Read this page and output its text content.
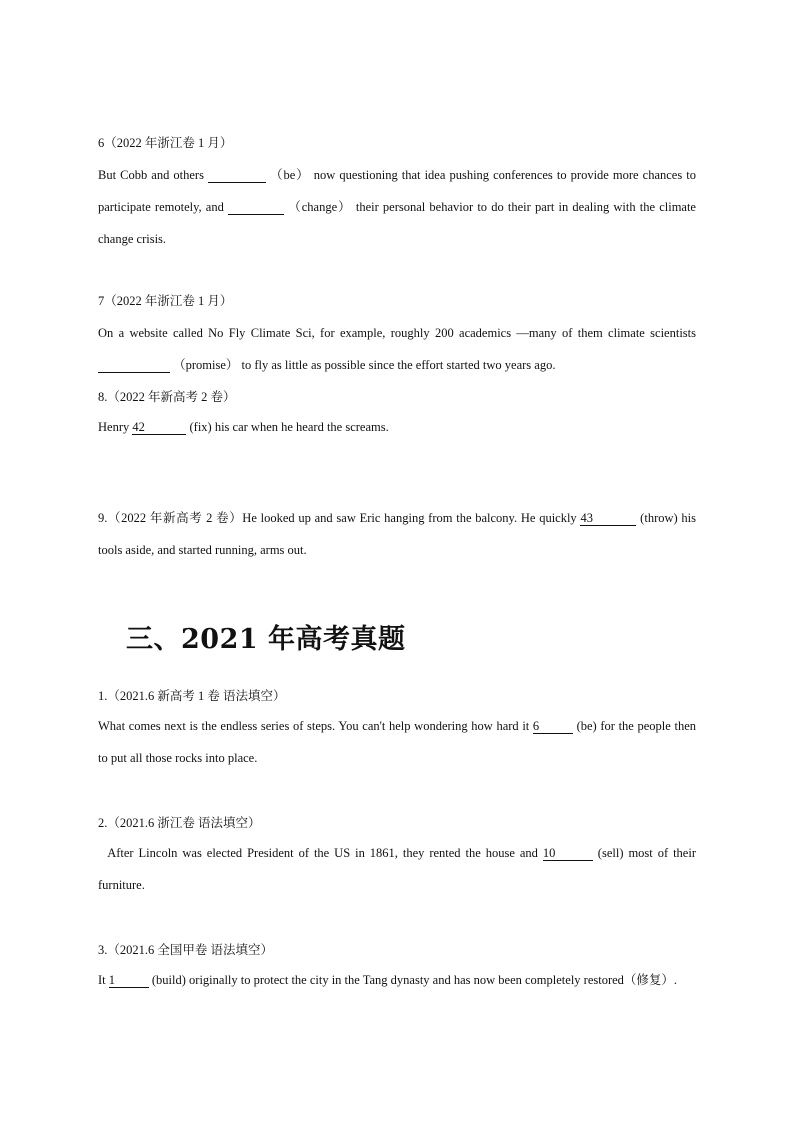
6（2022 年浙江卷 1 月）
But Cobb and others	（be） now questioning that idea pushing conferences to provide more chances to participate remotely, and	（change） their personal behavior to do their part in dealing with the climate change crisis.
7（2022 年浙江卷 1 月）
On a website called No Fly Climate Sci, for example, roughly 200 academics —many of them climate scientists  （promise） to fly as little as possible since the effort started two years ago.
8.（2022 年新高考 2 卷）
Henry 42	(fix) his car when he heard the screams.
9.（2022 年新高考 2 卷）He looked up and saw Eric hanging from the balcony. He quickly 43	(throw) his tools aside, and started running, arms out.
三、2021 年高考真题
1.（2021.6 新高考 1 卷 语法填空）
What comes next is the endless series of steps. You can't help wondering how hard it 6	(be) for the people then to put all those rocks into place.
2.（2021.6 浙江卷 语法填空）
After Lincoln was elected President of the US in 1861, they rented the house and 10	(sell) most of their furniture.
3.（2021.6 全国甲卷 语法填空）
It 1	(build) originally to protect the city in the Tang dynasty and has now been completely restored（修复）.
